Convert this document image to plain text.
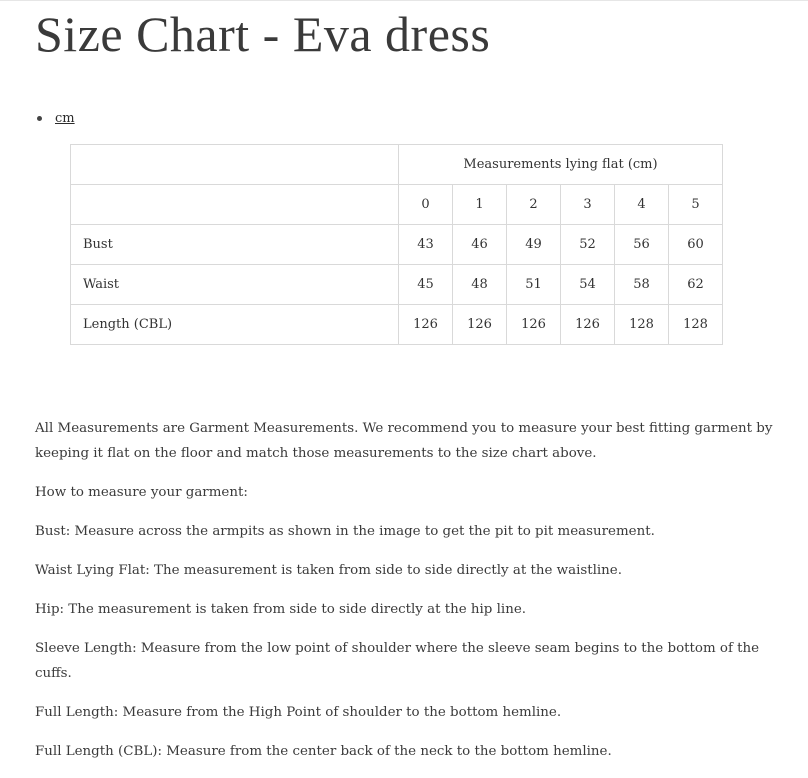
Size Chart - Eva dress
cm
	Measurements lying flat (cm)					
	0	1	2	3	4	5
Bust	43	46	49	52	56	60
Waist	45	48	51	54	58	62
Length (CBL)	126	126	126	126	128	128

All Measurements are Garment Measurements. We recommend you to measure your best fitting garment by keeping it flat on the floor and match those measurements to the size chart above.

How to measure your garment:

Bust: Measure across the armpits as shown in the image to get the pit to pit measurement.

Waist Lying Flat: The measurement is taken from side to side directly at the waistline.

Hip: The measurement is taken from side to side directly at the hip line.

Sleeve Length: Measure from the low point of shoulder where the sleeve seam begins to the bottom of the cuffs.

Full Length: Measure from the High Point of shoulder to the bottom hemline.

Full Length (CBL): Measure from the center back of the neck to the bottom hemline.
